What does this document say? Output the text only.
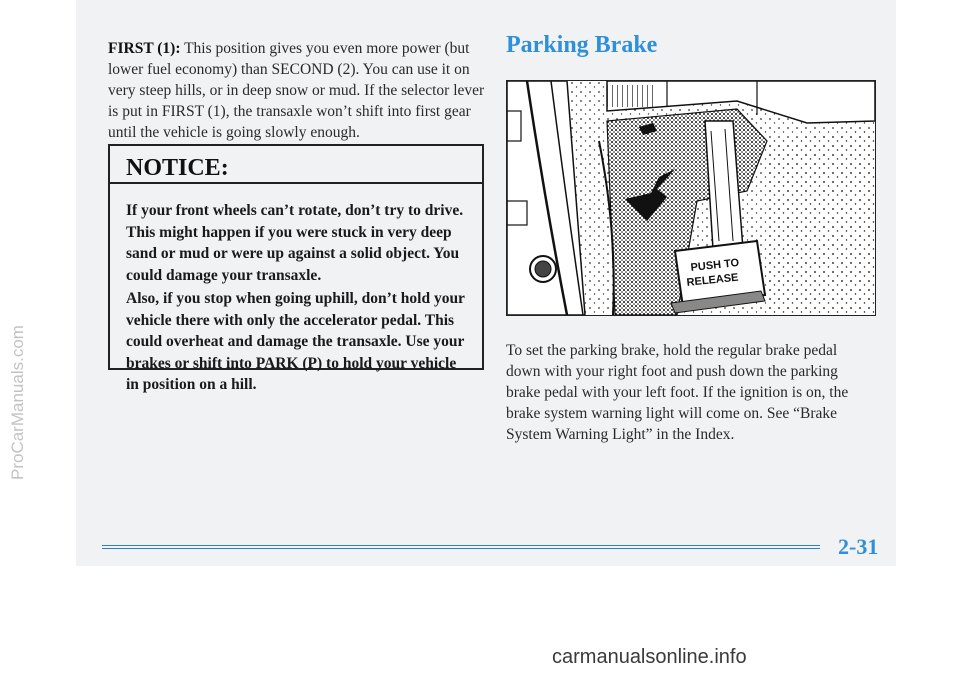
FIRST (1): This position gives you even more power (but lower fuel economy) than SECOND (2). You can use it on very steep hills, or in deep snow or mud. If the selector lever is put in FIRST (1), the transaxle won’t shift into first gear until the vehicle is going slowly enough.

NOTICE:

If your front wheels can’t rotate, don’t try to drive. This might happen if you were stuck in very deep sand or mud or were up against a solid object. You could damage your transaxle.

Also, if you stop when going uphill, don’t hold your vehicle there with only the accelerator pedal. This could overheat and damage the transaxle. Use your brakes or shift into PARK (P) to hold your vehicle in position on a hill.

Parking Brake
PUSH TO
RELEASE

To set the parking brake, hold the regular brake pedal down with your right foot and push down the parking brake pedal with your left foot. If the ignition is on, the brake system warning light will come on. See “Brake System Warning Light” in the Index.

2-31
ProCarManuals.com
carmanualsonline.info
